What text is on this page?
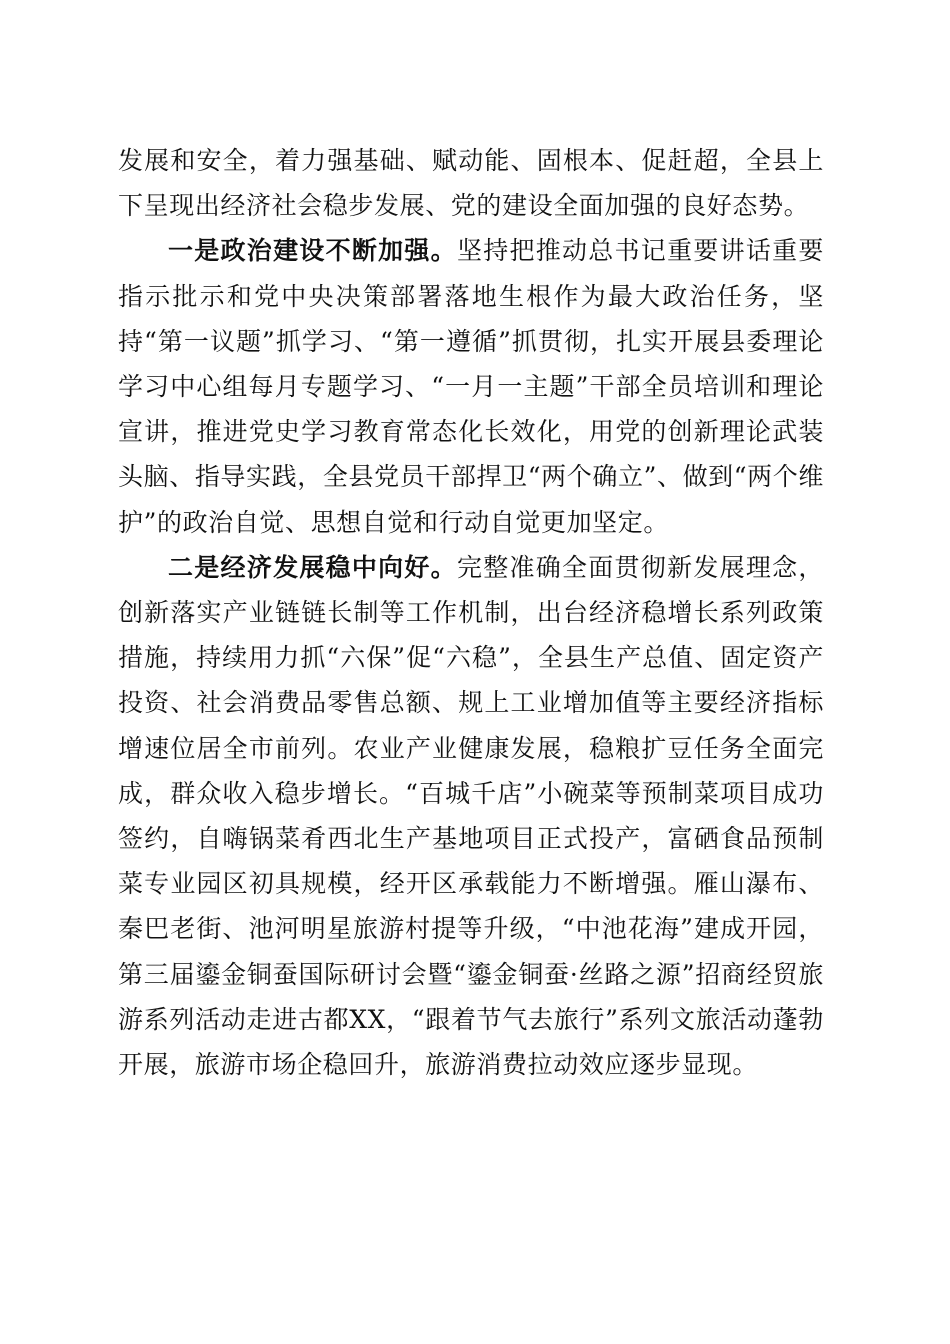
发展和安全，着力强基础、赋动能、固根本、促赶超，全县上下呈现出经济社会稳步发展、党的建设全面加强的良好态势。

一是政治建设不断加强。坚持把推动总书记重要讲话重要指示批示和党中央决策部署落地生根作为最大政治任务，坚持“第一议题”抓学习、“第一遵循”抓贯彻，扎实开展县委理论学习中心组每月专题学习、“一月一主题”干部全员培训和理论宣讲，推进党史学习教育常态化长效化，用党的创新理论武装头脑、指导实践，全县党员干部捍卫“两个确立”、做到“两个维护”的政治自觉、思想自觉和行动自觉更加坚定。

二是经济发展稳中向好。完整准确全面贯彻新发展理念，创新落实产业链链长制等工作机制，出台经济稳增长系列政策措施，持续用力抓“六保”促“六稳”，全县生产总值、固定资产投资、社会消费品零售总额、规上工业增加值等主要经济指标增速位居全市前列。农业产业健康发展，稳粮扩豆任务全面完成，群众收入稳步增长。“百城千店”小碗菜等预制菜项目成功签约，自嗨锅菜肴西北生产基地项目正式投产，富硒食品预制菜专业园区初具规模，经开区承载能力不断增强。雁山瀑布、秦巴老街、池河明星旅游村提等升级，“中池花海”建成开园，第三届鎏金铜蚕国际研讨会暨“鎏金铜蚕·丝路之源”招商经贸旅游系列活动走进古都XX，“跟着节气去旅行”系列文旅活动蓬勃开展，旅游市场企稳回升，旅游消费拉动效应逐步显现。
